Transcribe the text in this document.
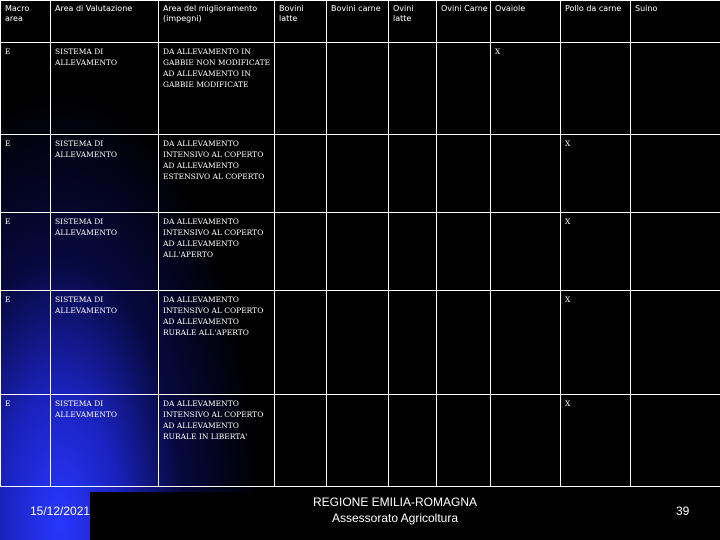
Macro area	Area di Valutazione	Area del miglioramento (impegni)	Bovini latte	Bovini carne	Ovini latte	Ovini Carne	Ovaiole	Pollo da carne	Suino
E	SISTEMA DI ALLEVAMENTO	DA ALLEVAMENTO IN GABBIE NON MODIFICATE AD ALLEVAMENTO IN GABBIE MODIFICATE					X		
E	SISTEMA DI ALLEVAMENTO	DA ALLEVAMENTO INTENSIVO AL COPERTO AD ALLEVAMENTO ESTENSIVO AL COPERTO						X	
E	SISTEMA DI ALLEVAMENTO	DA ALLEVAMENTO INTENSIVO AL COPERTO AD ALLEVAMENTO ALL'APERTO						X	
E	SISTEMA DI ALLEVAMENTO	DA ALLEVAMENTO INTENSIVO AL COPERTO AD ALLEVAMENTO RURALE ALL'APERTO						X	
E	SISTEMA DI ALLEVAMENTO	DA ALLEVAMENTO INTENSIVO AL COPERTO AD ALLEVAMENTO RURALE IN LIBERTA'						X	
15/12/2021
REGIONE EMILIA-ROMAGNA
Assessorato Agricoltura	39
